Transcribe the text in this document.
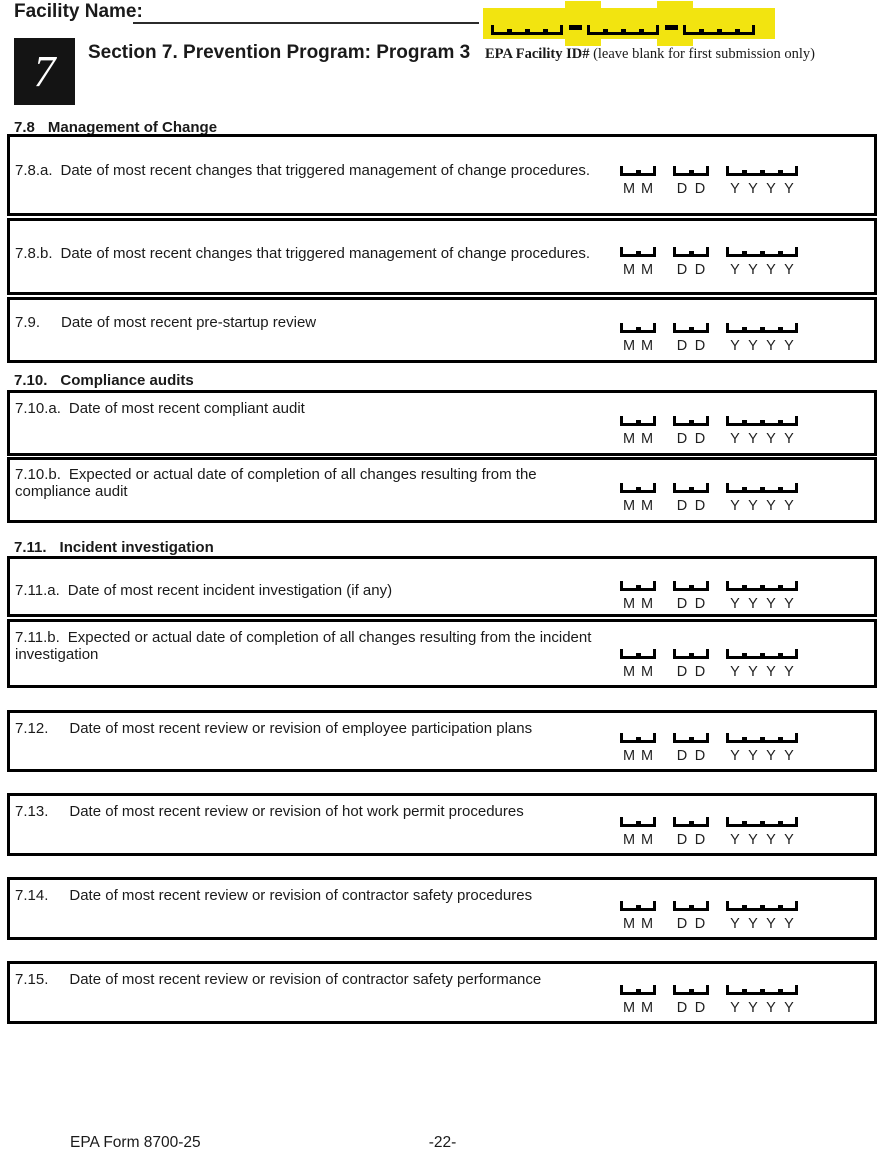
Facility Name:
7 Section 7. Prevention Program: Program 3 EPA Facility ID# (leave blank for first submission only)

7.8 Management of Change

7.10. Compliance audits

7.11. Incident investigation

7.8.a. Date of most recent changes that triggered management of change procedures.

M M D D Y Y Y Y

7.8.b. Date of most recent changes that triggered management of change procedures.

M M D D Y Y Y Y

7.9. Date of most recent pre-startup review

M M D D Y Y Y Y

7.10.a. Date of most recent compliant audit

M M D D Y Y Y Y

7.10.b. Expected or actual date of completion of all changes resulting from the compliance audit

M M D D Y Y Y Y

7.11.a. Date of most recent incident investigation (if any)

M M D D Y Y Y Y

7.11.b. Expected or actual date of completion of all changes resulting from the incident investigation

M M D D Y Y Y Y

7.12. Date of most recent review or revision of employee participation plans

M M D D Y Y Y Y

7.13. Date of most recent review or revision of hot work permit procedures

M M D D Y Y Y Y

7.14. Date of most recent review or revision of contractor safety procedures

M M D D Y Y Y Y

7.15. Date of most recent review or revision of contractor safety performance

M M D D Y Y Y Y
EPA Form 8700-25	-22-
